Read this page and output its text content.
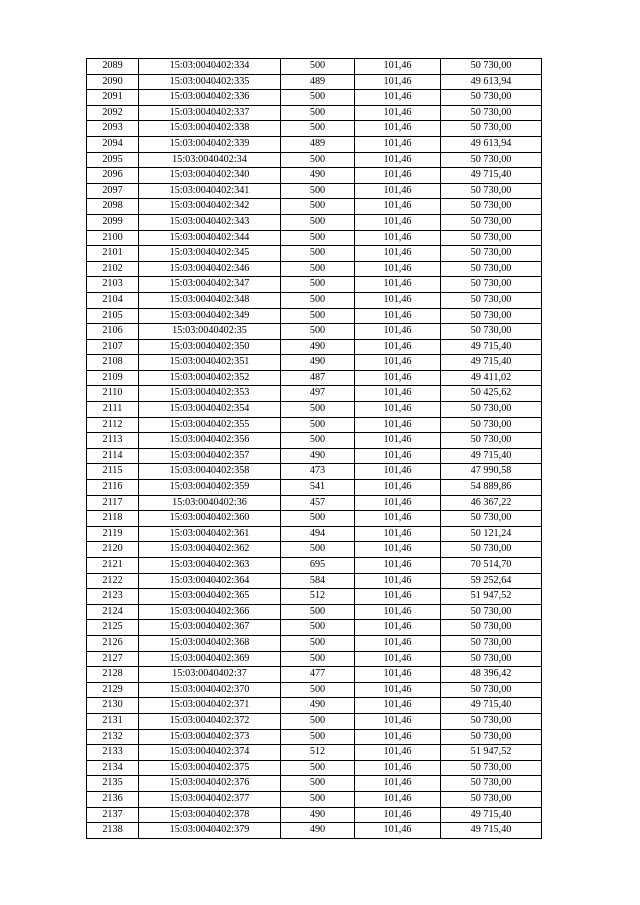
2089	15:03:0040402:334	500	101,46	50 730,00
2090	15:03:0040402:335	489	101,46	49 613,94
2091	15:03:0040402:336	500	101,46	50 730,00
2092	15:03:0040402:337	500	101,46	50 730,00
2093	15:03:0040402:338	500	101,46	50 730,00
2094	15:03:0040402:339	489	101,46	49 613,94
2095	15:03:0040402:34	500	101,46	50 730,00
2096	15:03:0040402:340	490	101,46	49 715,40
2097	15:03:0040402:341	500	101,46	50 730,00
2098	15:03:0040402:342	500	101,46	50 730,00
2099	15:03:0040402:343	500	101,46	50 730,00
2100	15:03:0040402:344	500	101,46	50 730,00
2101	15:03:0040402:345	500	101,46	50 730,00
2102	15:03:0040402:346	500	101,46	50 730,00
2103	15:03:0040402:347	500	101,46	50 730,00
2104	15:03:0040402:348	500	101,46	50 730,00
2105	15:03:0040402:349	500	101,46	50 730,00
2106	15:03:0040402:35	500	101,46	50 730,00
2107	15:03:0040402:350	490	101,46	49 715,40
2108	15:03:0040402:351	490	101,46	49 715,40
2109	15:03:0040402:352	487	101,46	49 411,02
2110	15:03:0040402:353	497	101,46	50 425,62
2111	15:03:0040402:354	500	101,46	50 730,00
2112	15:03:0040402:355	500	101,46	50 730,00
2113	15:03:0040402:356	500	101,46	50 730,00
2114	15:03:0040402:357	490	101,46	49 715,40
2115	15:03:0040402:358	473	101,46	47 990,58
2116	15:03:0040402:359	541	101,46	54 889,86
2117	15:03:0040402:36	457	101,46	46 367,22
2118	15:03:0040402:360	500	101,46	50 730,00
2119	15:03:0040402:361	494	101,46	50 121,24
2120	15:03:0040402:362	500	101,46	50 730,00
2121	15:03:0040402:363	695	101,46	70 514,70
2122	15:03:0040402:364	584	101,46	59 252,64
2123	15:03:0040402:365	512	101,46	51 947,52
2124	15:03:0040402:366	500	101,46	50 730,00
2125	15:03:0040402:367	500	101,46	50 730,00
2126	15:03:0040402:368	500	101,46	50 730,00
2127	15:03:0040402:369	500	101,46	50 730,00
2128	15:03:0040402:37	477	101,46	48 396,42
2129	15:03:0040402:370	500	101,46	50 730,00
2130	15:03:0040402:371	490	101,46	49 715,40
2131	15:03:0040402:372	500	101,46	50 730,00
2132	15:03:0040402:373	500	101,46	50 730,00
2133	15:03:0040402:374	512	101,46	51 947,52
2134	15:03:0040402:375	500	101,46	50 730,00
2135	15:03:0040402:376	500	101,46	50 730,00
2136	15:03:0040402:377	500	101,46	50 730,00
2137	15:03:0040402:378	490	101,46	49 715,40
2138	15:03:0040402:379	490	101,46	49 715,40
